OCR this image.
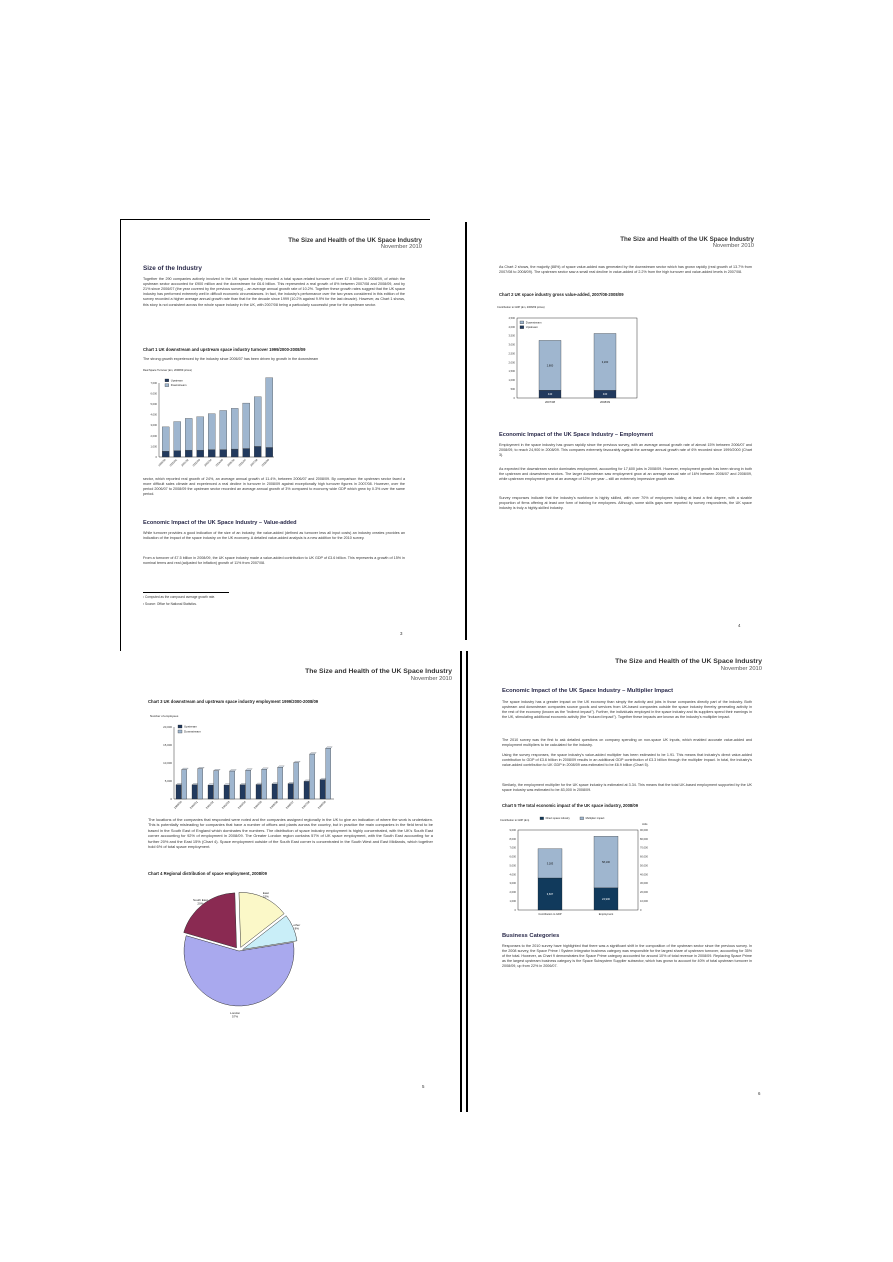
The Size and Health of the UK Space Industry
November 2010
Size of the Industry
Together the 290 companies actively involved in the UK space industry recorded a total space-related turnover of over £7.5 billion in 2008/09, of which the upstream sector accounted for £900 million and the downstream for £6.6 billion. This represented a real growth of 8% between 2007/08 and 2008/09, and by 21% since 2006/07 (the year covered by the previous survey) – an average annual growth rate of 10.2%. Together these growth rates suggest that the UK space industry has performed extremely well in difficult economic circumstances. In fact, the industry's performance over the two years considered in this edition of the survey recorded a higher average annual growth rate than that for the decade since 1999 (10.2% against 9.9% for the last decade). However, as Chart 1 shows, this story is not consistent across the whole space industry in the UK, with 2007/08 being a particularly successful year for the upstream sector.
Chart 1 UK downstream and upstream space industry turnover 1999/2000-2008/09
The strong growth experienced by the industry since 2006/07 has been driven by growth in the downstream
Real Space Turnover (£m, 2008/09 prices)
0
1,000
2,000
3,000
4,000
5,000
6,000
7,000
1999/00 2000/01 2001/02 2002/03 2003/04 2004/05 2005/06 2006/07 2007/08 2008/09
Upstream
Downstream
sector, which reported real growth of 24%, an average annual growth of 11.4%, between 2006/07 and 2008/09. By comparison the upstream sector faced a more difficult sales climate and experienced a real decline in turnover in 2008/09 against exceptionally high turnover figures in 2007/08. However, over the period 2006/07 to 2008/09 the upstream sector recorded an average annual growth of 3% compared to economy wide GDP which grew by 0.3% over the same period.
Economic Impact of the UK Space Industry – Value-added
While turnover provides a good indication of the size of an industry, the value-added (defined as turnover less all input costs) an industry creates provides an indication of the impact of the space industry on the UK economy. A detailed value-added analysis is a new addition for the 2010 survey.
From a turnover of £7.5 billion in 2008/09, the UK space industry made a value-added contribution to UK GDP of £3.6 billion. This represents a growth of 15% in nominal terms and real (adjusted for inflation) growth of 11% from 2007/08.
¹ Computed as the compound average growth rate.
² Source: Office for National Statistics.
3
The Size and Health of the UK Space Industry
November 2010
As Chart 2 shows, the majority (88%) of space value-added was generated by the downstream sector which has grown rapidly (real growth of 13.7% from 2007/08 to 2008/09). The upstream sector saw a small real decline in value-added of 2.2% from the high turnover and value-added levels in 2007/08.
Chart 2 UK space industry gross value-added, 2007/08-2008/09
Contribution to GDP (£m, 2008/09 prices)
0
500
1,000
1,500
2,000
2,500
3,000
3,500
4,000
4,500
440
2,800
2007/08
430
3,200
2008/09
Downstream
Upstream
Economic Impact of the UK Space Industry – Employment
Employment in the space industry has grown rapidly since the previous survey, with an average annual growth rate of almost 15% between 2006/07 and 2008/09, to reach 24,900 in 2008/09. This compares extremely favourably against the average annual growth rate of 6% recorded since 1999/2000 (Chart 3).
As expected the downstream sector dominates employment, accounting for 17,600 jobs in 2008/09. However, employment growth has been strong in both the upstream and downstream sectors. The larger downstream saw employment grow at an average annual rate of 16% between 2006/07 and 2008/09, while upstream employment grew at an average of 12% per year – still an extremely impressive growth rate.
Survey responses indicate that the industry's workforce is highly skilled, with over 70% of employees holding at least a first degree, with a sizable proportion of firms offering at least one form of training for employees. Although, some skills gaps were reported by survey respondents, the UK space industry is truly a highly-skilled industry.
4
The Size and Health of the UK Space Industry
November 2010
Chart 3 UK downstream and upstream space industry employment 1999/2000-2008/09
Number of employees
0
5,000
10,000
15,000
20,000
1999/00 2000/01 2001/02 2002/03 2003/04 2004/05 2005/06 2006/07 2007/08 2008/09
Upstream
Downstream
The locations of the companies that responded were noted and the companies assigned regionally in the UK to give an indication of where the work is undertaken. This is potentially misleading for companies that have a number of offices and plants across the country, but in practice the main companies in the field tend to be based in the South East of England which dominates the numbers. The distribution of space industry employment is highly concentrated, with the UK's South East corner accounting for 92% of employment in 2008/09. The Greater London region contains 57% of UK space employment, with the South East accounting for a further 20% and the East 15% (Chart 4). Space employment outside of the South East corner is concentrated in the South West and East Midlands, which together hold 6% of total space employment.
Chart 4 Regional distribution of space employment, 2008/09
London
57%
South East
20%
East
15%
other
8%
5
The Size and Health of the UK Space Industry
November 2010
Economic Impact of the UK Space Industry – Multiplier Impact
The space industry has a greater impact on the UK economy than simply the activity and jobs in those companies directly part of the industry. Both upstream and downstream companies source goods and services from UK-based companies outside the space industry thereby generating activity in the rest of the economy (known as the "indirect impact"). Further, the individuals employed in the space industry and its suppliers spend their earnings in the UK, stimulating additional economic activity (the "induced impact"). Together these impacts are known as the industry's multiplier impact.
The 2010 survey was the first to ask detailed questions on company spending on non-space UK inputs, which enabled accurate value-added and employment multipliers to be calculated for the industry.
Using the survey responses, the space industry's value-added multiplier has been estimated to be 1.91. This means that industry's direct value-added contribution to GDP of £3.6 billion in 2008/09 results in an additional GDP contribution of £3.3 billion through the multiplier impact. In total, the industry's value-added contribution to UK GDP in 2008/09 was estimated to be £6.9 billion (Chart 5).
Similarly, the employment multiplier for the UK space industry is estimated at 3.34. This means that the total UK-based employment supported by the UK space industry was estimated to be 83,000 in 2008/09.
Chart 5 The total economic impact of the UK space industry, 2008/09
Contribution to GDP (£m)
Jobs
0
1,000
2,000
3,000
4,000
5,000
6,000
7,000
8,000
9,000
0
10,000
20,000
30,000
40,000
50,000
60,000
70,000
80,000
90,000
3,607
3,283
Contribution to GDP
24,900
58,100
Employment
Direct space industry	Multiplier impact
Business Categories
Responses to the 2010 survey have highlighted that there was a significant shift in the composition of the upstream sector since the previous survey. In the 2008 survey, the Space Prime / System Integrator business category was responsible for the largest share of upstream turnover, accounting for 35% of the total. However, as Chart 9 demonstrates the Space Prime category accounted for around 10% of total revenue in 2008/09. Replacing Space Prime as the largest upstream business category is the Space Subsystem Supplier subsector, which has grown to account for 40% of total upstream turnover in 2008/09, up from 22% in 2006/07.
6
